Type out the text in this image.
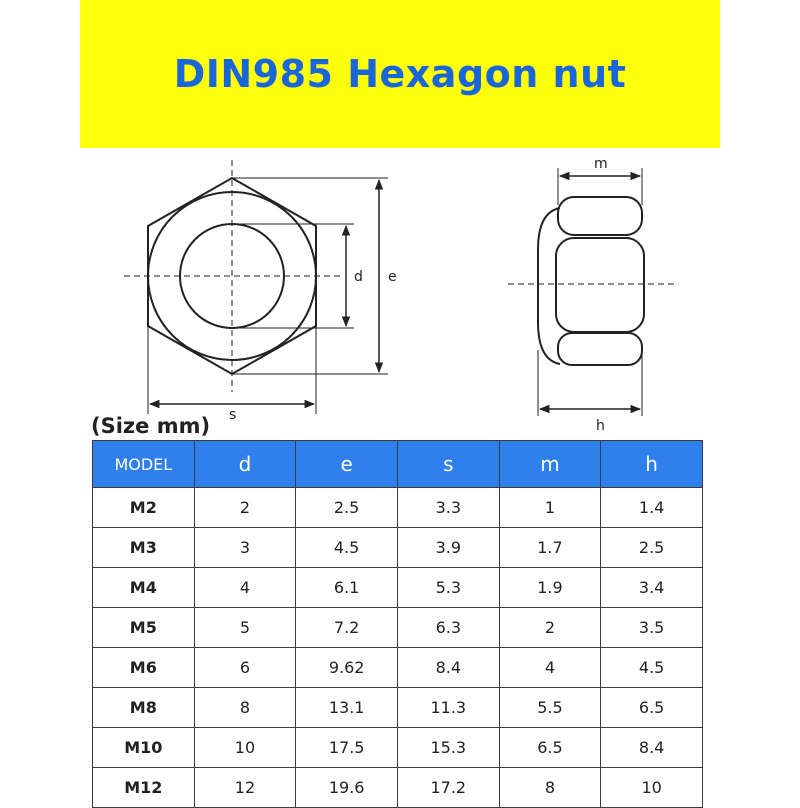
DIN985 Hexagon nut
d e
s
m
h
(Size mm)
MODEL	d	e	s	m	h
M2	2	2.5	3.3	1	1.4
M3	3	4.5	3.9	1.7	2.5
M4	4	6.1	5.3	1.9	3.4
M5	5	7.2	6.3	2	3.5
M6	6	9.62	8.4	4	4.5
M8	8	13.1	11.3	5.5	6.5
M10	10	17.5	15.3	6.5	8.4
M12	12	19.6	17.2	8	10
